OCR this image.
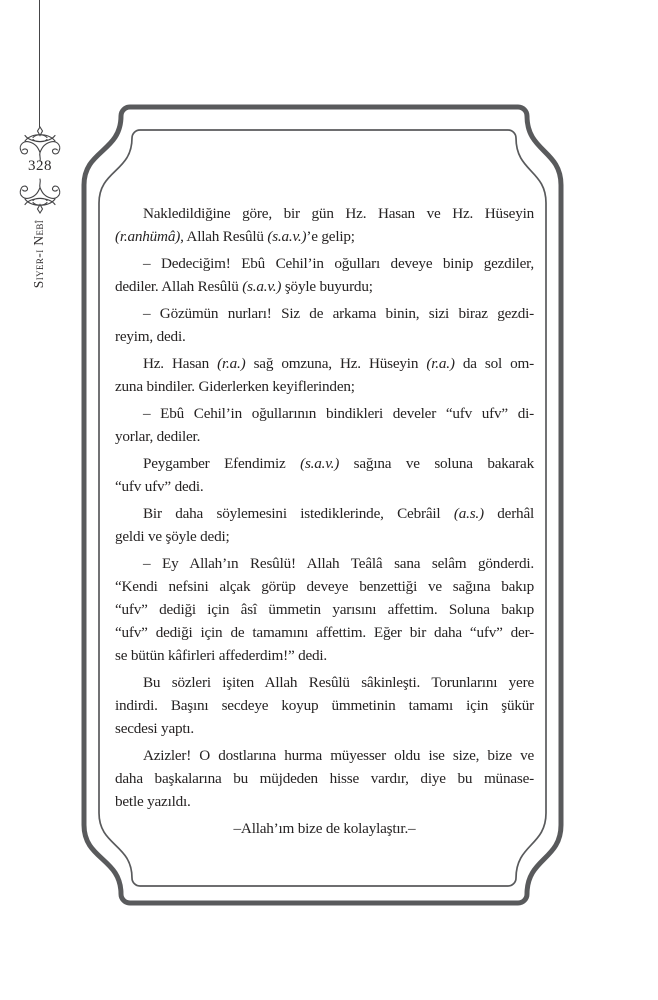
328
Siyer-i Nebî
Nakledildiğine göre, bir gün Hz. Hasan ve Hz. Hüseyin
(r.anhümâ), Allah Resûlü (s.a.v.)’e gelip;
– Dedeciğim! Ebû Cehil’in oğulları deveye binip gezdiler,
dediler. Allah Resûlü (s.a.v.) şöyle buyurdu;
– Gözümün nurları! Siz de arkama binin, sizi biraz gezdi-
reyim, dedi.
Hz. Hasan (r.a.) sağ omzuna, Hz. Hüseyin (r.a.) da sol om-
zuna bindiler. Giderlerken keyiflerinden;
– Ebû Cehil’in oğullarının bindikleri develer “ufv ufv” di-
yorlar, dediler.
Peygamber Efendimiz (s.a.v.) sağına ve soluna bakarak
“ufv ufv” dedi.
Bir daha söylemesini istediklerinde, Cebrâil (a.s.) derhâl
geldi ve şöyle dedi;
– Ey Allah’ın Resûlü! Allah Teâlâ sana selâm gönderdi.
“Kendi nefsini alçak görüp deveye benzettiği ve sağına bakıp
“ufv” dediği için âsî ümmetin yarısını affettim. Soluna bakıp
“ufv” dediği için de tamamını affettim. Eğer bir daha “ufv” der-
se bütün kâfirleri affederdim!” dedi.
Bu sözleri işiten Allah Resûlü sâkinleşti. Torunlarını yere
indirdi. Başını secdeye koyup ümmetinin tamamı için şükür
secdesi yaptı.
Azizler! O dostlarına hurma müyesser oldu ise size, bize ve
daha başkalarına bu müjdeden hisse vardır, diye bu münase-
betle yazıldı.
–Allah’ım bize de kolaylaştır.–
